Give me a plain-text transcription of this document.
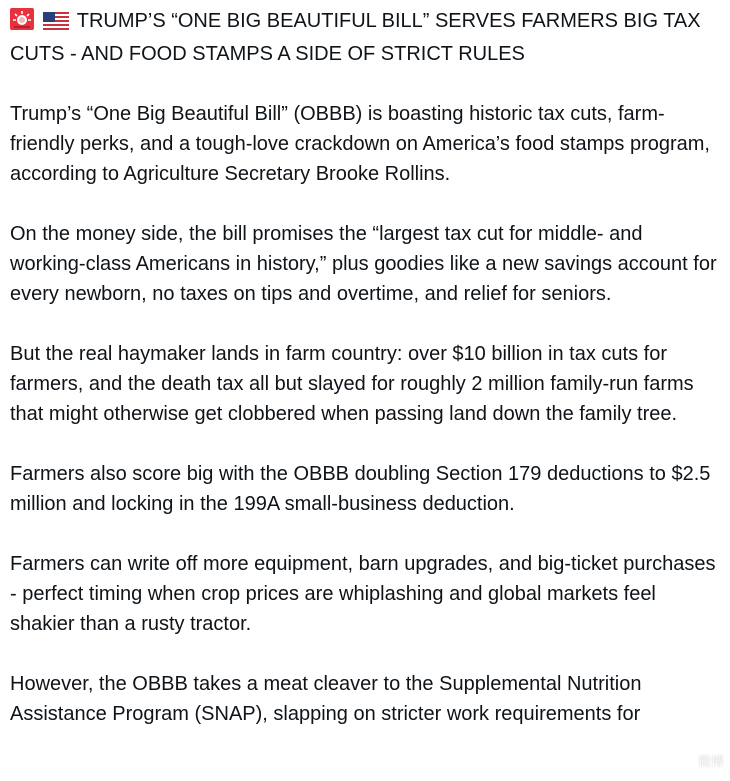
TRUMP’S “ONE BIG BEAUTIFUL BILL” SERVES FARMERS BIG TAX CUTS - AND FOOD STAMPS A SIDE OF STRICT RULES

Trump’s “One Big Beautiful Bill” (OBBB) is boasting historic tax cuts, farm-friendly perks, and a tough-love crackdown on America’s food stamps program, according to Agriculture Secretary Brooke Rollins.

On the money side, the bill promises the “largest tax cut for middle- and working-class Americans in history,” plus goodies like a new savings account for every newborn, no taxes on tips and overtime, and relief for seniors.

But the real haymaker lands in farm country: over $10 billion in tax cuts for farmers, and the death tax all but slayed for roughly 2 million family-run farms that might otherwise get clobbered when passing land down the family tree.

Farmers also score big with the OBBB doubling Section 179 deductions to $2.5 million and locking in the 199A small-business deduction.

Farmers can write off more equipment, barn upgrades, and big-ticket purchases - perfect timing when crop prices are whiplashing and global markets feel shakier than a rusty tractor.

However, the OBBB takes a meat cleaver to the Supplemental Nutrition Assistance Program (SNAP), slapping on stricter work requirements for

微博
